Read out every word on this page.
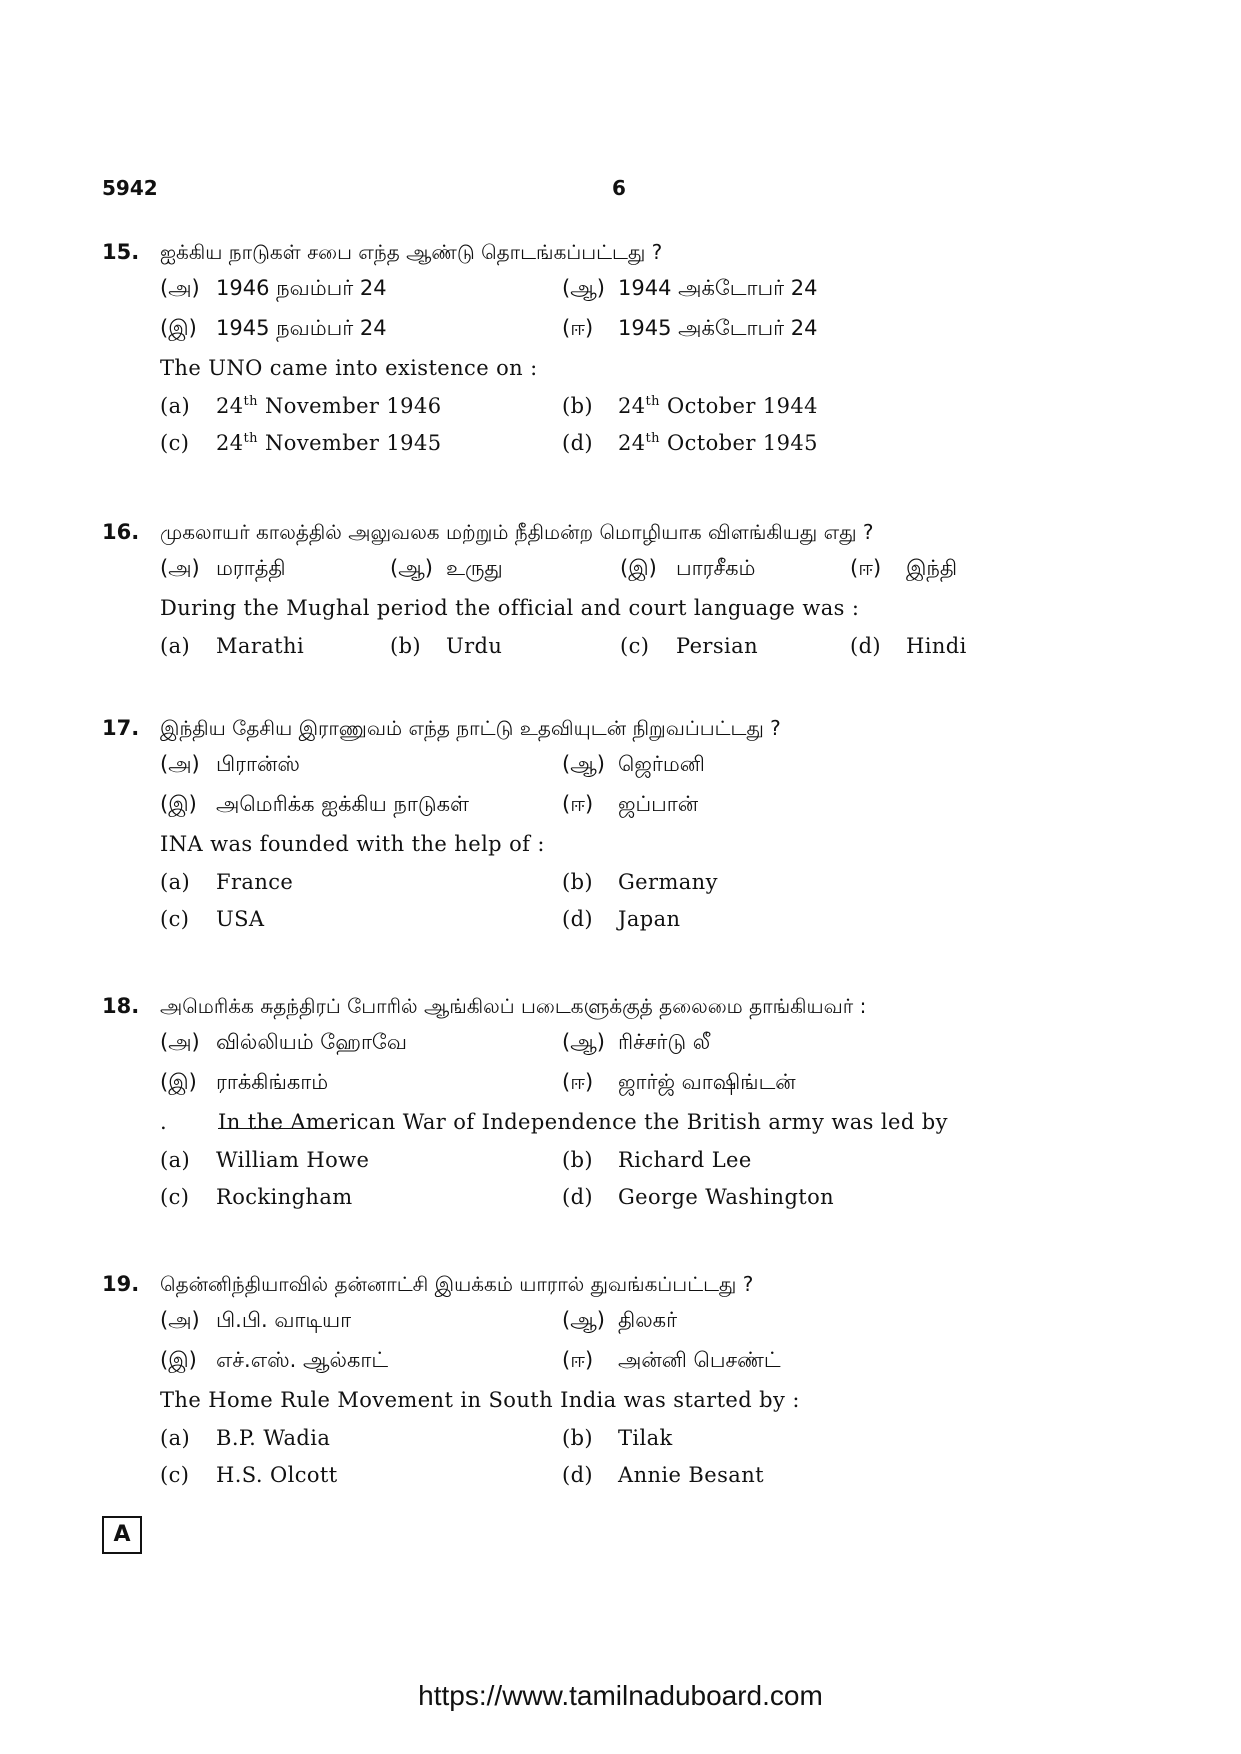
5942	6
15. ஐக்கிய நாடுகள் சபை எந்த ஆண்டு தொடங்கப்பட்டது ?
(அ) 1946 நவம்பர் 24	(ஆ) 1944 அக்டோபர் 24
(இ) 1945 நவம்பர் 24	(ஈ) 1945 அக்டோபர் 24
The UNO came into existence on :
(a) 24th November 1946	(b) 24th October 1944
(c) 24th November 1945	(d) 24th October 1945
16. முகலாயர் காலத்தில் அலுவலக மற்றும் நீதிமன்ற மொழியாக விளங்கியது எது ?
(அ) மராத்தி	(ஆ) உருது	(இ) பாரசீகம்	(ஈ) இந்தி
During the Mughal period the official and court language was :
(a) Marathi	(b) Urdu	(c) Persian	(d) Hindi
17. இந்திய தேசிய இராணுவம் எந்த நாட்டு உதவியுடன் நிறுவப்பட்டது ?
(அ) பிரான்ஸ்	(ஆ) ஜெர்மனி
(இ) அமெரிக்க ஐக்கிய நாடுகள்	(ஈ) ஜப்பான்
INA was founded with the help of :
(a) France	(b) Germany
(c) USA	(d) Japan
18. அமெரிக்க சுதந்திரப் போரில் ஆங்கிலப் படைகளுக்குத் தலைமை தாங்கியவர் :
(அ) வில்லியம் ஹோவே	(ஆ) ரிச்சர்டு லீ
(இ) ராக்கிங்காம்	(ஈ) ஜார்ஜ் வாஷிங்டன்
In the American War of Independence the British army was led by
.
(a) William Howe	(b) Richard Lee
(c) Rockingham	(d) George Washington
19. தென்னிந்தியாவில் தன்னாட்சி இயக்கம் யாரால் துவங்கப்பட்டது ?
(அ) பி.பி. வாடியா	(ஆ) திலகர்
(இ) எச்.எஸ். ஆல்காட்	(ஈ) அன்னி பெசண்ட்
The Home Rule Movement in South India was started by :
(a) B.P. Wadia	(b) Tilak
(c) H.S. Olcott	(d) Annie Besant
A
https://www.tamilnaduboard.com
